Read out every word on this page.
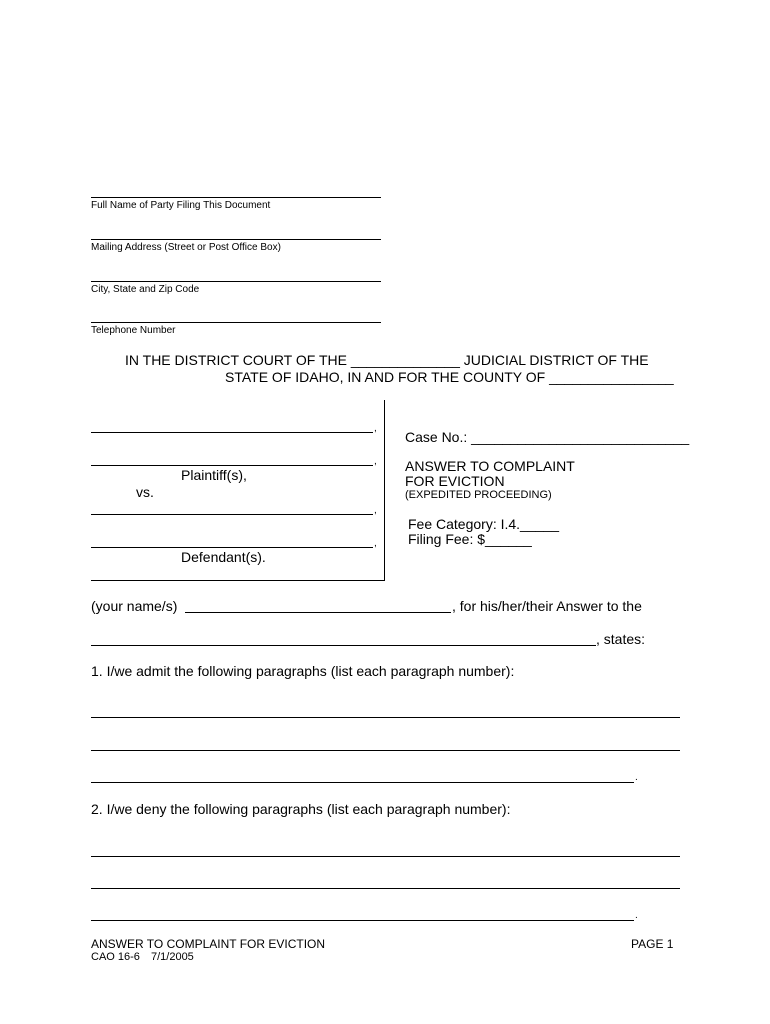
Full Name of Party Filing This Document
Mailing Address (Street or Post Office Box)
City, State and Zip Code
Telephone Number
IN THE DISTRICT COURT OF THE ______________ JUDICIAL DISTRICT OF THE
STATE OF IDAHO, IN AND FOR THE COUNTY OF ________________
,
,
Plaintiff(s),
vs.
,
,
Defendant(s).
Case No.: ____________________________
ANSWER TO COMPLAINT
FOR EVICTION
(EXPEDITED PROCEEDING)
Fee Category: I.4._____
Filing Fee: $______
(your name/s)	, for his/her/their Answer to the
, states:
1. I/we admit the following paragraphs (list each paragraph number):
.
2. I/we deny the following paragraphs (list each paragraph number):
.
ANSWER TO COMPLAINT FOR EVICTION
CAO 16-6 7/1/2005
PAGE 1
